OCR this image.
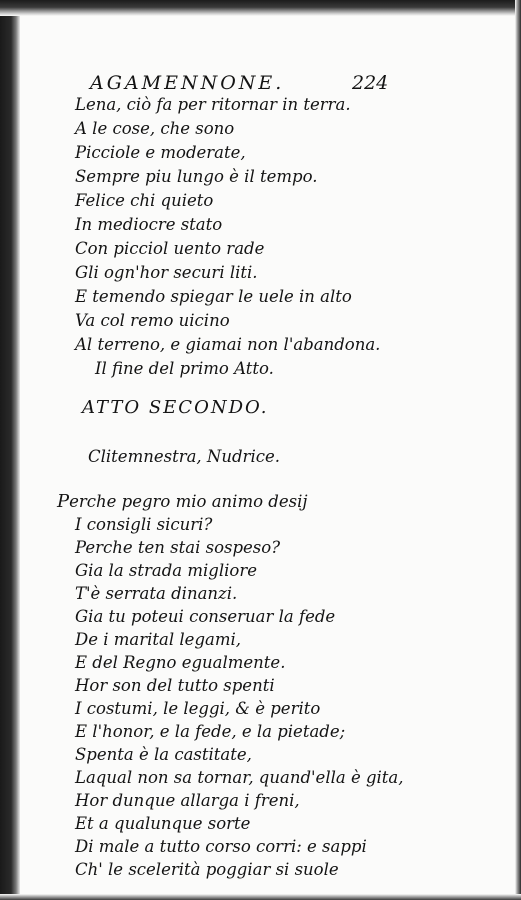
AGAMENNONE.	224
Lena, ciò fa per ritornar in terra.
A le cose, che sono
Picciole e moderate,
Sempre piu lungo è il tempo.
Felice chi quieto
In mediocre stato
Con picciol uento rade
Gli ogn'hor securi liti.
E temendo spiegar le uele in alto
Va col remo uicino
Al terreno, e giamai non l'abandona.
Il fine del primo Atto.
ATTO SECONDO.
Clitemnestra, Nudrice.
Perche pegro mio animo desij
I consigli sicuri?
Perche ten stai sospeso?
Gia la strada migliore
T'è serrata dinanzi.
Gia tu poteui conseruar la fede
De i marital legami,
E del Regno egualmente.
Hor son del tutto spenti
I costumi, le leggi, & è perito
E l'honor, e la fede, e la pietade;
Spenta è la castitate,
Laqual non sa tornar, quand'ella è gita,
Hor dunque allarga i freni,
Et a qualunque sorte
Di male a tutto corso corri: e sappi
Ch' le scelerità poggiar si suole
